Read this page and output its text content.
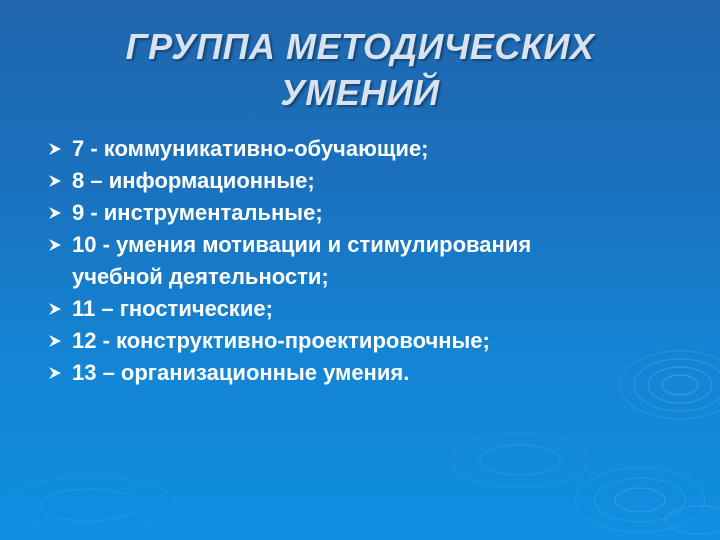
ГРУППА МЕТОДИЧЕСКИХ
УМЕНИЙ
7 - коммуникативно-обучающие;
8 – информационные;
9 - инструментальные;
10 - умения мотивации и стимулирования
учебной деятельности;
11 – гностические;
12 - конструктивно-проектировочные;
13 – организационные умения.
